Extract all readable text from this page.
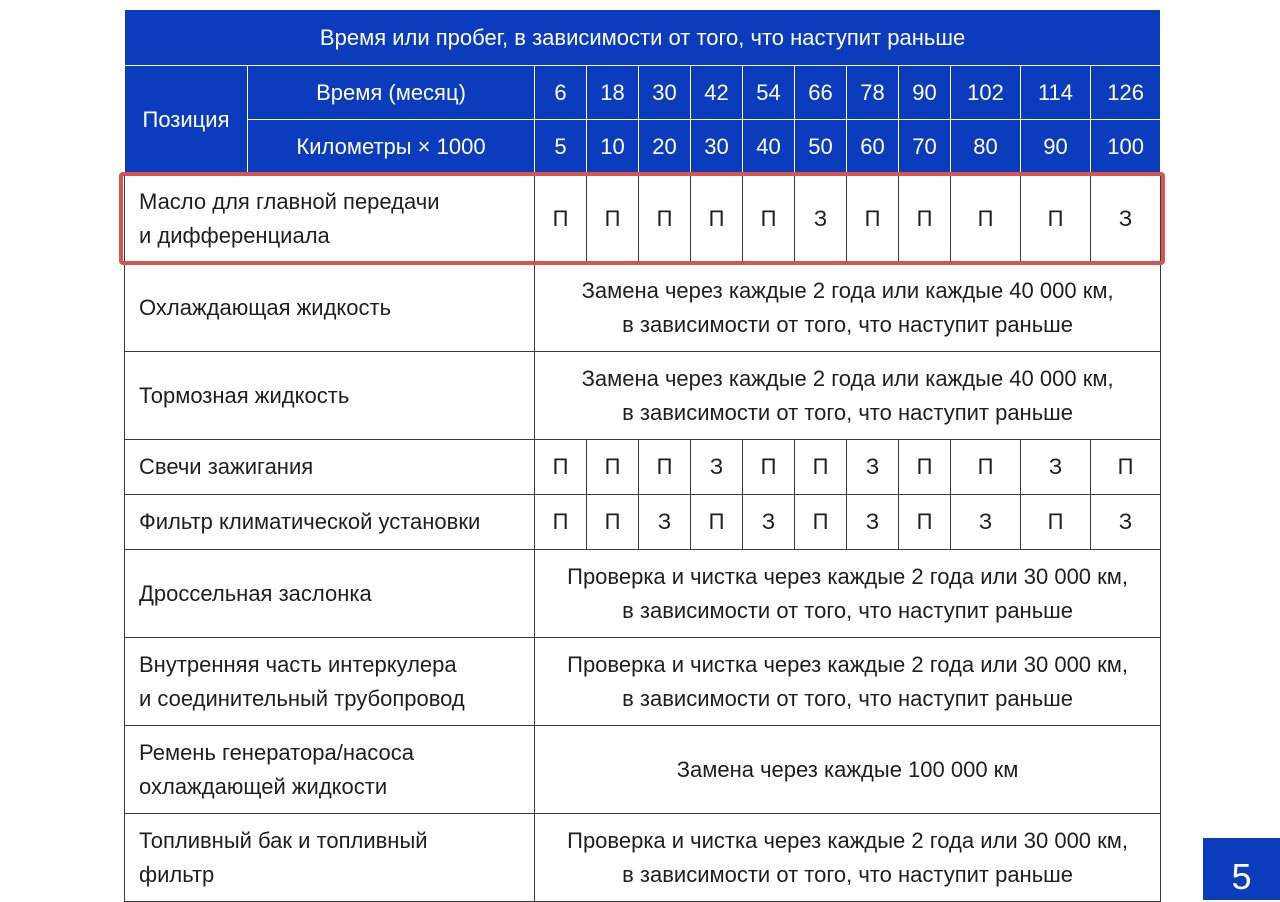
Время или пробег, в зависимости от того, что наступит раньше												
Позиция	Время (месяц)	6	18	30	42	54	66	78	90	102	114	126
	Километры × 1000	5	10	20	30	40	50	60	70	80	90	100

Масло для главной передачи
и дифференциала		П	П	П	П	П	З	П	П	П	П	З

Охлаждающая жидкость		Замена через каждые 2 года или каждые 40 000 км,
в зависимости от того, что наступит раньше										

Тормозная жидкость		Замена через каждые 2 года или каждые 40 000 км,
в зависимости от того, что наступит раньше										

Свечи зажигания		П	П	П	З	П	П	З	П	П	З	П

Фильтр климатической установки		П	П	З	П	З	П	З	П	З	П	З

Дроссельная заслонка		Проверка и чистка через каждые 2 года или 30 000 км,
в зависимости от того, что наступит раньше										

Внутренняя часть интеркулера
и соединительный трубопровод		Проверка и чистка через каждые 2 года или 30 000 км,
в зависимости от того, что наступит раньше										

Ремень генератора/насоса
охлаждающей жидкости		Замена через каждые 100 000 км										

Топливный бак и топливный
фильтр		Проверка и чистка через каждые 2 года или 30 000 км,
в зависимости от того, что наступит раньше											5
